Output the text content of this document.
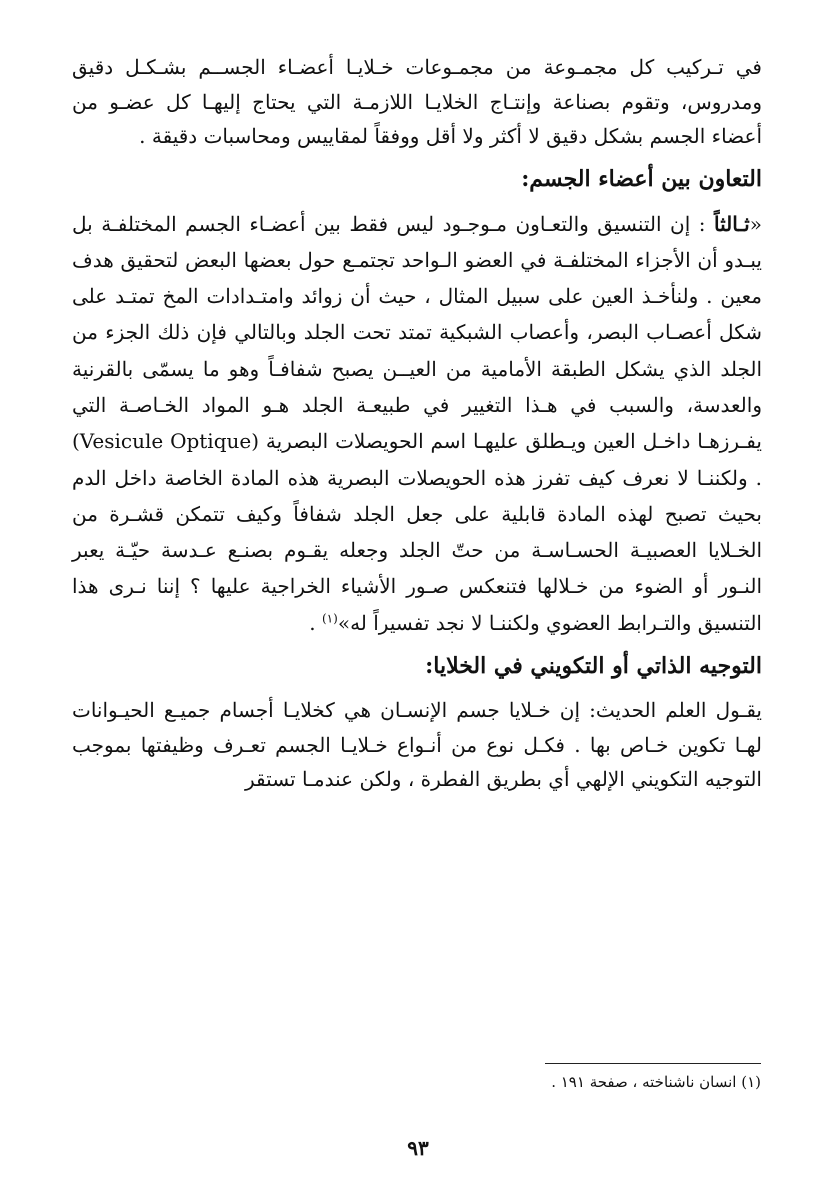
في تـركيب كل مجمـوعة من مجمـوعات خـلايـا أعضـاء الجســم بشـكـل دقيق ومدروس، وتقوم بصناعة وإنتـاج الخلايـا اللازمـة التي يحتاج إليهـا كل عضـو من أعضاء الجسم بشكل دقيق لا أكثر ولا أقل ووفقاً لمقاييس ومحاسبات دقيقة .

التعاون بين أعضاء الجسم:

«ثـالثاً : إن التنسيق والتعـاون مـوجـود ليس فقط بين أعضـاء الجسم المختلفـة بل يبـدو أن الأجزاء المختلفـة في العضو الـواحد تجتمـع حول بعضها البعض لتحقيق هدف معين . ولنأخـذ العين على سبيل المثال ، حيث أن زوائد وامتـدادات المخ تمتـد على شكل أعصـاب البصر، وأعصاب الشبكية تمتد تحت الجلد وبالتالي فإن ذلك الجزء من الجلد الذي يشكل الطبقة الأمامية من العيــن يصبح شفافـاً وهو ما يسمّى بالقرنية والعدسة، والسبب في هـذا التغيير في طبيعـة الجلد هـو المواد الخـاصـة التي يفـرزهـا داخـل العين ويـطلق عليهـا اسم الحويصلات البصرية (Vesicule Optique) . ولكننـا لا نعرف كيف تفرز هذه الحويصلات البصرية هذه المادة الخاصة داخل الدم بحيث تصبح لهذه المادة قابلية على جعل الجلد شفافاً وكيف تتمكن قشـرة من الخـلايا العصبيـة الحسـاسـة من حتّ الجلد وجعله يقـوم بصنـع عـدسة حيّـة يعبر النـور أو الضوء من خـلالها فتنعكس صـور الأشياء الخراجية عليها ؟ إننا نـرى هذا التنسيق والتـرابط العضوي ولكننـا لا نجد تفسيراً له»$^{(١)}$ .

التوجيه الذاتي أو التكويني في الخلايا:

يقـول العلم الحديث: إن خـلايا جسم الإنسـان هي كخلايـا أجسام جميـع الحيـوانات لهـا تكوين خـاص بها . فكـل نوع من أنـواع خـلايـا الجسم تعـرف وظيفتها بموجب التوجيه التكويني الإلهي أي بطريق الفطرة ، ولكن عندمـا تستقر

(١) انسان ناشناخته ، صفحة ١٩١ .

٩٣
